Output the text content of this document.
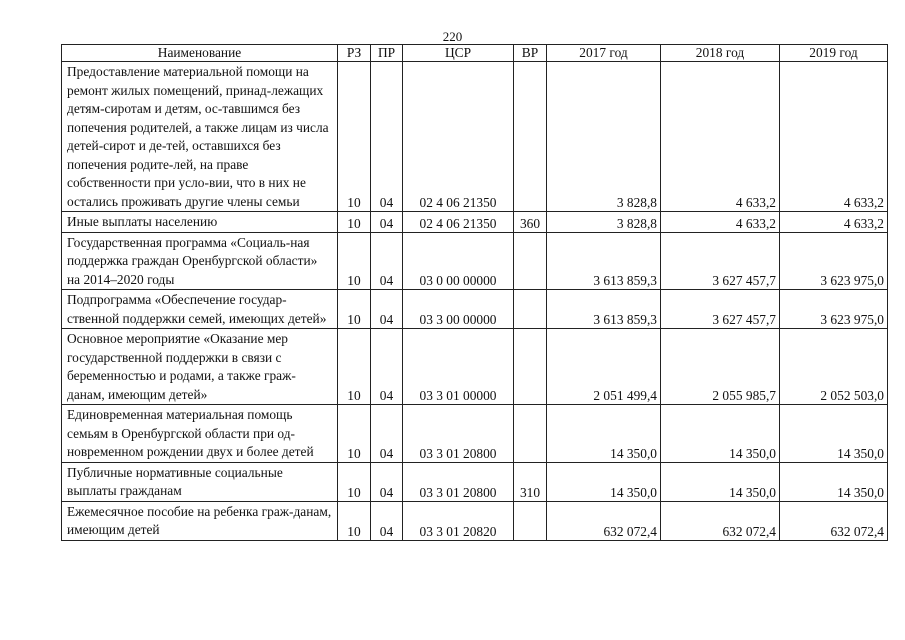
220
Наименование	РЗ	ПР	ЦСР	ВР	2017 год	2018 год	2019 год
Предоставление материальной помощи на ремонт жилых помещений, принад-лежащих детям-сиротам и детям, ос-тавшимся без попечения родителей, а также лицам из числа детей-сирот и де-тей, оставшихся без попечения родите-лей, на праве собственности при усло-вии, что в них не остались проживать другие члены семьи	10	04	02 4 06 21350		3 828,8	4 633,2	4 633,2
Иные выплаты населению	10	04	02 4 06 21350	360	3 828,8	4 633,2	4 633,2
Государственная программа «Социаль-ная поддержка граждан Оренбургской области» на 2014–2020 годы	10	04	03 0 00 00000		3 613 859,3	3 627 457,7	3 623 975,0
Подпрограмма «Обеспечение государ-ственной поддержки семей, имеющих детей»	10	04	03 3 00 00000		3 613 859,3	3 627 457,7	3 623 975,0
Основное мероприятие «Оказание мер государственной поддержки в связи с беременностью и родами, а также граж-данам, имеющим детей»	10	04	03 3 01 00000		2 051 499,4	2 055 985,7	2 052 503,0
Единовременная материальная помощь семьям в Оренбургской области при од-новременном рождении двух и более детей	10	04	03 3 01 20800		14 350,0	14 350,0	14 350,0
Публичные нормативные социальные выплаты гражданам	10	04	03 3 01 20800	310	14 350,0	14 350,0	14 350,0
Ежемесячное пособие на ребенка граж-данам, имеющим детей	10	04	03 3 01 20820		632 072,4	632 072,4	632 072,4
